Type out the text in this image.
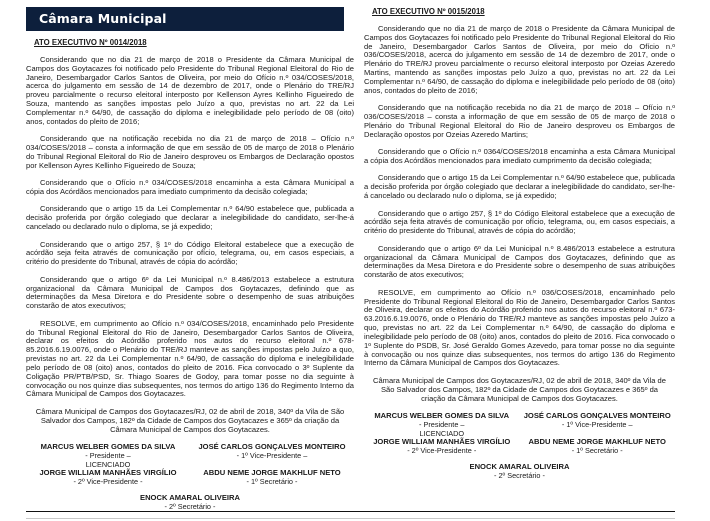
Câmara Municipal
ATO EXECUTIVO Nº 0014/2018

Considerando que no dia 21 de março de 2018 o Presidente da Câmara Municipal de Campos dos Goytacazes foi notificado pelo Presidente do Tribunal Regional Eleitoral do Rio de Janeiro, Desembargador Carlos Santos de Oliveira, por meio do Ofício n.º 034/COSES/2018, acerca do julgamento em sessão de 14 de dezembro de 2017, onde o Plenário do TRE/RJ proveu parcialmente o recurso eleitoral interposto por Kellenson Ayres Kellinho Figueiredo de Souza, mantendo as sanções impostas pelo Juízo a quo, previstas no art. 22 da Lei Complementar n.º 64/90, de cassação do diploma e inelegibilidade pelo período de 08 (oito) anos, contados do pleito de 2016;

Considerando que na notificação recebida no dia 21 de março de 2018 – Ofício n.º 034/COSES/2018 – consta a informação de que em sessão de 05 de março de 2018 o Plenário do Tribunal Regional Eleitoral do Rio de Janeiro desproveu os Embargos de Declaração opostos por Kellenson Ayres Kellinho Figueiredo de Souza;

Considerando que o Ofício n.º 034/COSES/2018 encaminha a esta Câmara Municipal a cópia dos Acórdãos mencionados para imediato cumprimento da decisão colegiada;

Considerando que o artigo 15 da Lei Complementar n.º 64/90 estabelece que, publicada a decisão proferida por órgão colegiado que declarar a inelegibilidade do candidato, ser-lhe-á cancelado ou declarado nulo o diploma, se já expedido;

Considerando que o artigo 257, § 1º do Código Eleitoral estabelece que a execução de acórdão seja feita através de comunicação por ofício, telegrama, ou, em casos especiais, a critério do presidente do Tribunal, através de cópia do acórdão;

Considerando que o artigo 6º da Lei Municipal n.º 8.486/2013 estabelece a estrutura organizacional da Câmara Municipal de Campos dos Goytacazes, definindo que as determinações da Mesa Diretora e do Presidente sobre o desempenho de suas atribuições constarão de atos executivos;

RESOLVE, em cumprimento ao Ofício n.º 034/COSES/2018, encaminhado pelo Presidente do Tribunal Regional Eleitoral do Rio de Janeiro, Desembargador Carlos Santos de Oliveira, declarar os efeitos do Acórdão proferido nos autos do recurso eleitoral n.º 678-85.2016.6.19.0076, onde o Plenário do TRE/RJ manteve as sanções impostas pelo Juízo a quo, previstas no art. 22 da Lei Complementar n.º 64/90, de cassação do diploma e inelegibilidade pelo período de 08 (oito) anos, contados do pleito de 2016. Fica convocado o 3º Suplente da Coligação PR/PTB/PSD, Sr. Thiago Soares de Godoy, para tomar posse no dia seguinte à convocação ou nos quinze dias subsequentes, nos termos do artigo 136 do Regimento Interno da Câmara Municipal de Campos dos Goytacazes.

Câmara Municipal de Campos dos Goytacazes/RJ, 02 de abril de 2018, 340º da Vila de São Salvador dos Campos, 182º da Cidade de Campos dos Goytacazes e 365º da criação da Câmara Municipal de Campos dos Goytacazes.

MARCUS WELBER GOMES DA SILVA
- Presidente –
LICENCIADO
JOSÉ CARLOS GONÇALVES MONTEIRO
- 1º Vice-Presidente –
JORGE WILLIAM MANHÃES VIRGÍLIO
- 2º Vice-Presidente -
ABDU NEME JORGE MAKHLUF NETO
- 1º Secretário -
ENOCK AMARAL OLIVEIRA
- 2º Secretário -
ATO EXECUTIVO Nº 0015/2018

Considerando que no dia 21 de março de 2018 o Presidente da Câmara Municipal de Campos dos Goytacazes foi notificado pelo Presidente do Tribunal Regional Eleitoral do Rio de Janeiro, Desembargador Carlos Santos de Oliveira, por meio do Ofício n.º 036/COSES/2018, acerca do julgamento em sessão de 14 de dezembro de 2017, onde o Plenário do TRE/RJ proveu parcialmente o recurso eleitoral interposto por Ozeias Azeredo Martins, mantendo as sanções impostas pelo Juízo a quo, previstas no art. 22 da Lei Complementar n.º 64/90, de cassação do diploma e inelegibilidade pelo período de 08 (oito) anos, contados do pleito de 2016;

Considerando que na notificação recebida no dia 21 de março de 2018 – Ofício n.º 036/COSES/2018 – consta a informação de que em sessão de 05 de março de 2018 o Plenário do Tribunal Regional Eleitoral do Rio de Janeiro desproveu os Embargos de Declaração opostos por Ozeias Azeredo Martins;

Considerando que o Ofício n.º 0364/COSES/2018 encaminha a esta Câmara Municipal a cópia dos Acórdãos mencionados para imediato cumprimento da decisão colegiada;

Considerando que o artigo 15 da Lei Complementar n.º 64/90 estabelece que, publicada a decisão proferida por órgão colegiado que declarar a inelegibilidade do candidato, ser-lhe-á cancelado ou declarado nulo o diploma, se já expedido;

Considerando que o artigo 257, § 1º do Código Eleitoral estabelece que a execução de acórdão seja feita através de comunicação por ofício, telegrama, ou, em casos especiais, a critério do presidente do Tribunal, através de cópia do acórdão;

Considerando que o artigo 6º da Lei Municipal n.º 8.486/2013 estabelece a estrutura organizacional da Câmara Municipal de Campos dos Goytacazes, definindo que as determinações da Mesa Diretora e do Presidente sobre o desempenho de suas atribuições constarão de atos executivos;

RESOLVE, em cumprimento ao Ofício n.º 036/COSES/2018, encaminhado pelo Presidente do Tribunal Regional Eleitoral do Rio de Janeiro, Desembargador Carlos Santos de Oliveira, declarar os efeitos do Acórdão proferido nos autos do recurso eleitoral n.º 673-63.2016.6.19.0076, onde o Plenário do TRE/RJ manteve as sanções impostas pelo Juízo a quo, previstas no art. 22 da Lei Complementar n.º 64/90, de cassação do diploma e inelegibilidade pelo período de 08 (oito) anos, contados do pleito de 2016. Fica convocado o 1º Suplente do PSDB, Sr. José Geraldo Gomes Azevedo, para tomar posse no dia seguinte à convocação ou nos quinze dias subsequentes, nos termos do artigo 136 do Regimento Interno da Câmara Municipal de Campos dos Goytacazes.

Câmara Municipal de Campos dos Goytacazes/RJ, 02 de abril de 2018, 340º da Vila de São Salvador dos Campos, 182º da Cidade de Campos dos Goytacazes e 365º da criação da Câmara Municipal de Campos dos Goytacazes.

MARCUS WELBER GOMES DA SILVA
- Presidente –
LICENCIADO
JOSÉ CARLOS GONÇALVES MONTEIRO
- 1º Vice-Presidente –
JORGE WILLIAM MANHÃES VIRGÍLIO
- 2º Vice-Presidente -
ABDU NEME JORGE MAKHLUF NETO
- 1º Secretário -
ENOCK AMARAL OLIVEIRA
- 2º Secretário -
